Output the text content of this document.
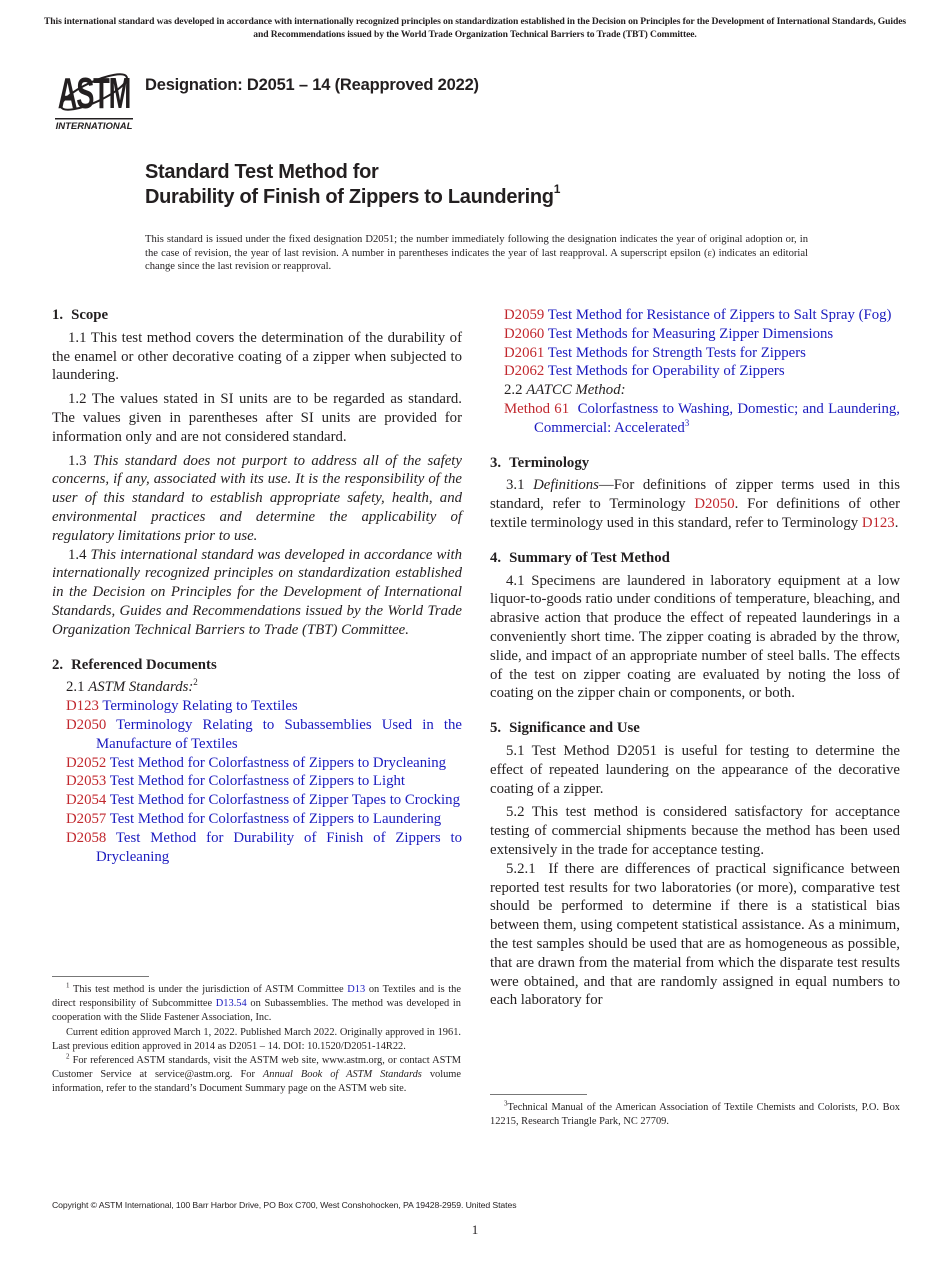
This international standard was developed in accordance with internationally recognized principles on standardization established in the Decision on Principles for the Development of International Standards, Guides and Recommendations issued by the World Trade Organization Technical Barriers to Trade (TBT) Committee.
ASTM
INTERNATIONAL
Designation: D2051 – 14 (Reapproved 2022)
Standard Test Method for
Durability of Finish of Zippers to Laundering$^1$
This standard is issued under the fixed designation D2051; the number immediately following the designation indicates the year of original adoption or, in the case of revision, the year of last revision. A number in parentheses indicates the year of last reapproval. A superscript epsilon (ε) indicates an editorial change since the last revision or reapproval.
1. Scope

1.1 This test method covers the determination of the durability of the enamel or other decorative coating of a zipper when subjected to laundering.

1.2 The values stated in SI units are to be regarded as standard. The values given in parentheses after SI units are provided for information only and are not considered standard.

1.3 This standard does not purport to address all of the safety concerns, if any, associated with its use. It is the responsibility of the user of this standard to establish appropriate safety, health, and environmental practices and determine the applicability of regulatory limitations prior to use.

1.4 This international standard was developed in accordance with internationally recognized principles on standardization established in the Decision on Principles for the Development of International Standards, Guides and Recommendations issued by the World Trade Organization Technical Barriers to Trade (TBT) Committee.

2. Referenced Documents
2.1 ASTM Standards:$^2$
D123 Terminology Relating to Textiles
D2050 Terminology Relating to Subassemblies Used in the Manufacture of Textiles
D2052 Test Method for Colorfastness of Zippers to Drycleaning
D2053 Test Method for Colorfastness of Zippers to Light
D2054 Test Method for Colorfastness of Zipper Tapes to Crocking
D2057 Test Method for Colorfastness of Zippers to Laundering
D2058 Test Method for Durability of Finish of Zippers to Drycleaning

$^1$ This test method is under the jurisdiction of ASTM Committee D13 on Textiles and is the direct responsibility of Subcommittee D13.54 on Subassemblies. The method was developed in cooperation with the Slide Fastener Association, Inc.

Current edition approved March 1, 2022. Published March 2022. Originally approved in 1961. Last previous edition approved in 2014 as D2051 – 14. DOI: 10.1520/D2051-14R22.

$^2$ For referenced ASTM standards, visit the ASTM web site, www.astm.org, or contact ASTM Customer Service at service@astm.org. For Annual Book of ASTM Standards volume information, refer to the standard’s Document Summary page on the ASTM web site.

D2059 Test Method for Resistance of Zippers to Salt Spray (Fog)
D2060 Test Methods for Measuring Zipper Dimensions
D2061 Test Methods for Strength Tests for Zippers
D2062 Test Methods for Operability of Zippers
2.2 AATCC Method:
Method 61 Colorfastness to Washing, Domestic; and Laundering, Commercial: Accelerated$^3$
3. Terminology

3.1 Definitions—For definitions of zipper terms used in this standard, refer to Terminology D2050. For definitions of other textile terminology used in this standard, refer to Terminology D123.

4. Summary of Test Method

4.1 Specimens are laundered in laboratory equipment at a low liquor-to-goods ratio under conditions of temperature, bleaching, and abrasive action that produce the effect of repeated launderings in a conveniently short time. The zipper coating is abraded by the throw, slide, and impact of an appropriate number of steel balls. The effects of the test on zipper coating are evaluated by noting the loss of coating on the zipper chain or components, or both.

5. Significance and Use

5.1 Test Method D2051 is useful for testing to determine the effect of repeated laundering on the appearance of the decorative coating of a zipper.

5.2 This test method is considered satisfactory for acceptance testing of commercial shipments because the method has been used extensively in the trade for acceptance testing.

5.2.1 If there are differences of practical significance between reported test results for two laboratories (or more), comparative test should be performed to determine if there is a statistical bias between them, using competent statistical assistance. As a minimum, the test samples should be used that are as homogeneous as possible, that are drawn from the material from which the disparate test results were obtained, and that are randomly assigned in equal numbers to each laboratory for

$^3$Technical Manual of the American Association of Textile Chemists and Colorists, P.O. Box 12215, Research Triangle Park, NC 27709.

Copyright © ASTM International, 100 Barr Harbor Drive, PO Box C700, West Conshohocken, PA 19428-2959. United States
1
